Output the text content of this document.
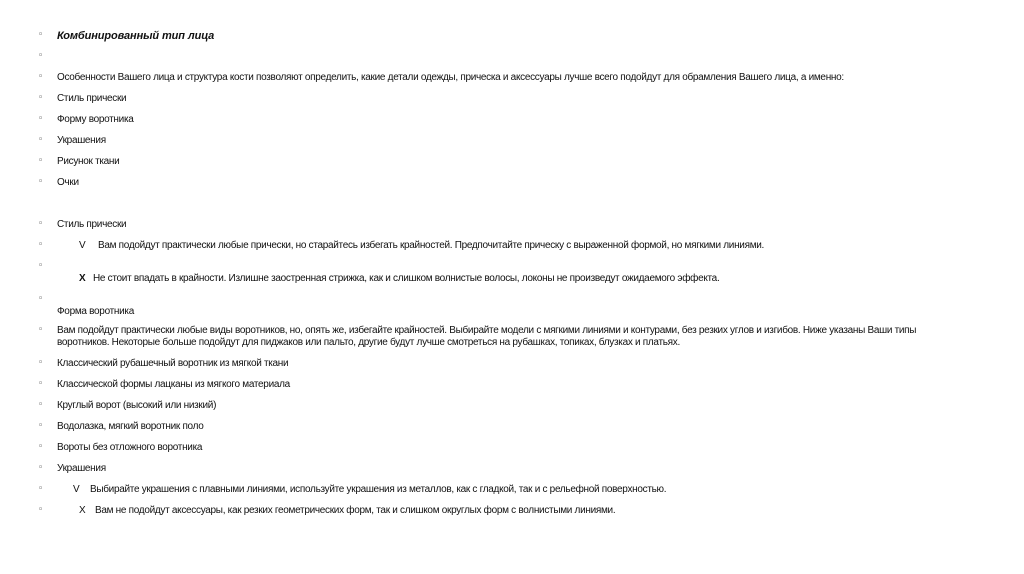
◦ Комбинированный тип лица
◦
◦ Особенности Вашего лица и структура кости позволяют определить, какие детали одежды, прическа и аксессуары лучше всего подойдут для обрамления Вашего лица, а именно:
◦ Стиль прически
◦ Форму воротника
◦ Украшения
◦ Рисунок ткани
◦ Очки
◦ Стиль прически
◦	V Вам подойдут практически любые прически, но старайтесь избегать крайностей. Предпочитайте прическу с выраженной формой, но мягкими линиями.
◦
X Не стоит впадать в крайности. Излишне заостренная стрижка, как и слишком волнистые волосы, локоны не произведут ожидаемого эффекта.
◦
Форма воротника
◦ Вам подойдут практически любые виды воротников, но, опять же, избегайте крайностей. Выбирайте модели с мягкими линиями и контурами, без резких углов и изгибов. Ниже указаны Ваши типы воротников. Некоторые больше подойдут для пиджаков или пальто, другие будут лучше смотреться на рубашках, топиках, блузках и платьях.
◦ Классический рубашечный воротник из мягкой ткани
◦ Классической формы лацканы из мягкого материала
◦ Круглый ворот (высокий или низкий)
◦ Водолазка, мягкий воротник поло
◦ Вороты без отложного воротника
◦ Украшения
◦	V Выбирайте украшения с плавными линиями, используйте украшения из металлов, как с гладкой, так и с рельефной поверхностью.
◦	X Вам не подойдут аксессуары, как резких геометрических форм, так и слишком округлых форм с волнистыми линиями.
